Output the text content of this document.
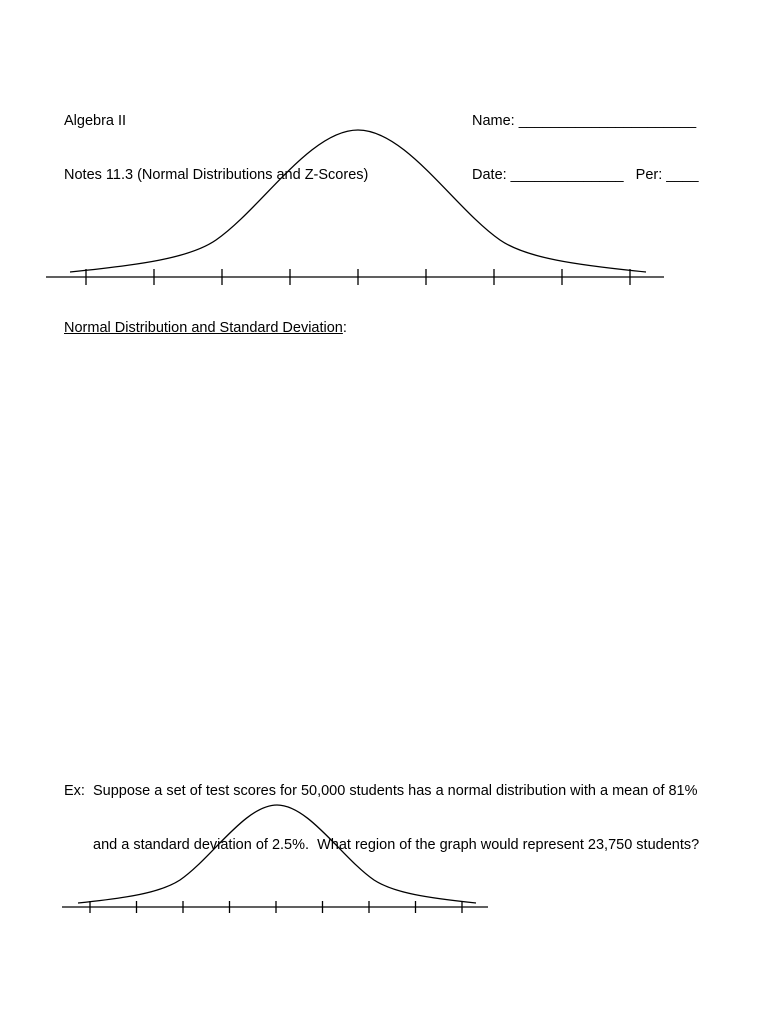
Algebra II

Notes 11.3 (Normal Distributions and Z-Scores)

Name: ______________________

Date: ______________   Per: ____

Normal Distribution and Standard Deviation:

Ex:  Suppose a set of test scores for 50,000 students has a normal distribution with a mean of 81%

and a standard deviation of 2.5%.  What region of the graph would represent 23,750 students?
